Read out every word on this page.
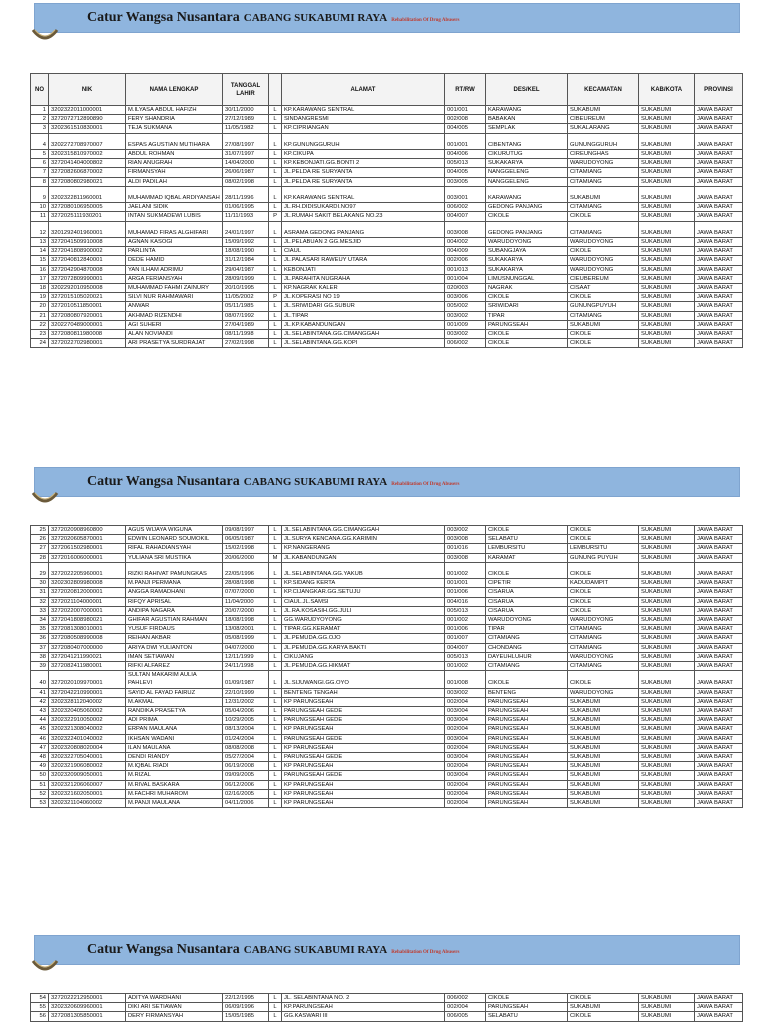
Catur Wangsa Nusantara CABANG SUKABUMI RAYA Rehabilitation Of Drug Abusers
NO	NIK	NAMA LENGKAP	TANGGAL LAHIR		ALAMAT	RT/RW	DES/KEL	KECAMATAN	KAB/KOTA	PROVINSI
1	3202322011000001	M.ILYASA ABDUL HAFIZH	30/11/2000	L	KP.KARAWANG SENTRAL	001/001	KARAWANG	SUKABUMI	SUKABUMI	JAWA BARAT
2	3272072712890890	FERY SHANDRIA	27/12/1989	L	SINDANGRESMI	002/008	BABAKAN	CIBEUREUM	SUKABUMI	JAWA BARAT
3	3202361510830001	TEJA SUKMANA	11/05/1982	L	KP.CIPRIANGAN	004/005	SEMPLAK	SUKALARANG	SUKABUMI	JAWA BARAT
4	3202272708970007	ESPAS AGUSTIAN MUTIHARA	27/08/1997	L	KP.GUNUNGGURUH	001/001	CIBENTANG	GUNUNGGURUH	SUKABUMI	JAWA BARAT
5	3202315810970002	ABDUL ROHMAN	31/07/1997	L	KP.CIKUPA	004/006	CIKURUTUG	CIREUNGHAS	SUKABUMI	JAWA BARAT
6	3272041404000802	RIAN ANUGRAH	14/04/2000	L	KP.KEBONJATI.GG.BONTI 2	005/013	SUKAKARYA	WARUDOYONG	SUKABUMI	JAWA BARAT
7	3272082606870002	FIRMANSYAH	26/06/1987	L	JL.PELDA RE SURYANTA	004/005	NANGGELENG	CITAMIANG	SUKABUMI	JAWA BARAT
8	3272080802980021	ALDI PADILAH	08/02/1998	L	JL.PELDA RE SURYANTA	003/005	NANGGELENG	CITAMIANG	SUKABUMI	JAWA BARAT
9	3202322811960001	MUHAMMAD IQBAL ARDIYANSAH	28/11/1996	L	KP.KARAWANG SENTRAL	003/001	KARAWANG	SUKABUMI	SUKABUMI	JAWA BARAT
10	3272080106950005	JAELANI SIDIK	01/06/1995	L	JL.RH.DIDISUKARDI.NO97	006/002	GEDONG PANJANG	CITAMIANG	SUKABUMI	JAWA BARAT
11	3272025111930201	INTAN SUKMADEWI LUBIS	11/11/1993	P	JL.RUMAH SAKIT BELAKANG NO.23	004/007	CIKOLE	CIKOLE	SUKABUMI	JAWA BARAT
12	3201292401960001	MUHAMAD FIRAS ALGHIFARI	24/01/1997	L	ASRAMA GEDONG PANJANG	003/008	GEDONG PANJANG	CITAMIANG	SUKABUMI	JAWA BARAT
13	3272041509910008	AGNAN KASOGI	15/09/1992	L	JL.PELABUAN 2 GG.MESJID	004/002	WARUDOYONG	WARUDOYONG	SUKABUMI	JAWA BARAT
14	3272041808900002	PARLINTA	18/08/1990	L	CIAUL	004/009	SUBANGJAYA	CIKOLE	SUKABUMI	JAWA BARAT
15	3272040812840001	DEDE HAMID	31/12/1984	L	JL.PALASARI RAWEUY UTARA	002/006	SUKAKARYA	WARUDOYONG	SUKABUMI	JAWA BARAT
16	3272042904870008	YAN ILHAM ADRIMU	29/04/1987	L	KEBONJATI	001/013	SUKAKARYA	WARUDOYONG	SUKABUMI	JAWA BARAT
17	3272072809990001	ARGA FERIANSYAH	28/09/1999	L	JL.PARAHITA NUGRAHA	001/004	LIMUSNUNGGAL	CIEUBEREUM	SUKABUMI	JAWA BARAT
18	3202292010950008	MUHAMMAD FAHMI ZAINURY	20/10/1995	L	KP.NAGRAK KALER	020/003	NAGRAK	CISAAT	SUKABUMI	JAWA BARAT
19	3272015105020021	SILVI NUR RAHMAWARI	11/05/2002	P	JL.KOPERASI NO 19	003/006	CIKOLE	CIKOLE	SUKABUMI	JAWA BARAT
20	3272010511850001	ANWAR	05/11/1985	L	JL.SRIWIDARI GG.SUBUR	005/002	SRIWIDARI	GUNUNGPUYUH	SUKABUMI	JAWA BARAT
21	3272080807920001	AKHMAD RIZENDHI	08/07/1992	L	JL.TIPAR	003/002	TIPAR	CITAMIANG	SUKABUMI	JAWA BARAT
22	3202270489000001	AGI SUHERI	27/04/1989	L	JL.KP.KABANDUNGAN	001/009	PARUNGSEAH	SUKABUMI	SUKABUMI	JAWA BARAT
23	3272080811980008	ALAN NOVIANDI	08/11/1998	L	JL.SELABINTANA.GG.CIMANGGAH	003/002	CIKOLE	CIKOLE	SUKABUMI	JAWA BARAT
24	3272022702980001	ARI PRASETYA SURDRAJAT	27/02/1998	L	JL.SELABINTANA.GG.KOPI	006/002	CIKOLE	CIKOLE	SUKABUMI	JAWA BARAT
Catur Wangsa Nusantara CABANG SUKABUMI RAYA Rehabilitation Of Drug Abusers
25	3272020908960800	AGUS WIJAYA WIGUNA	09/08/1997	L	JL.SELABINTANA.GG.CIMANGGAH	003/002	CIKOLE	CIKOLE	SUKABUMI	JAWA BARAT
26	3272020605870001	EDWIN LEONARD SOUMOKIL	06/05/1987	L	JL.SURYA KENCANA.GG.KARIMIN	003/008	SELABATU	CIKOLE	SUKABUMI	JAWA BARAT
27	3272061502980001	RIFAL RAHADIANSYAH	15/02/1998	L	KP.NANGERANG	001/016	LEMBURSITU	LEMBURSITU	SUKABUMI	JAWA BARAT
28	3272016006000001	YULIANA SRI MUSTIKA	20/06/2000	M	JL.KABANDUNGAN	003/008	KARAMAT	GUNUNG PUYUH	SUKABUMI	JAWA BARAT
29	3272022205960001	RIZKI RAHIVAT PAMUNGKAS	22/05/1996	L	JL.SELABINTANA.GG.YAKUB	001/002	CIKOLE	CIKOLE	SUKABUMI	JAWA BARAT
30	3202302809980008	M.PANJI PERMANA	28/08/1998	L	KP.SIDANG KERTA	001/001	CIPETIR	KADUDAMPIT	SUKABUMI	JAWA BARAT
31	3272020812000001	ANGGA RAMADHANI	07/07/2000	L	KP.CIJANGKAR.GG.SETUJU	001/006	CISARUA	CIKOLE	SUKABUMI	JAWA BARAT
32	3272021104000001	RIFQY APRISAL	11/04/2000	L	CIAUL.JL.SAMSI	004/016	CISARUA	CIKOLE	SUKABUMI	JAWA BARAT
33	3272022007000001	ANDIPA NAGARA	20/07/2000	L	JL.RA.KOSASIH.GG.JULI	005/013	CISARUA	CIKOLE	SUKABUMI	JAWA BARAT
34	3272041808980021	GHIFAR AGUSTIAN RAHMAN	18/08/1998	L	GG.WARUDYOYONG	001/002	WARUDOYONG	WARUDOYONG	SUKABUMI	JAWA BARAT
35	3272081308010001	YUSUF FIRDAUS	13/08/2001	L	TIPAR.GG.KERAMAT	001/006	TIPAR	CITAMIANG	SUKABUMI	JAWA BARAT
36	3272080508990008	REIHAN AKBAR	05/08/1999	L	JL.PEMUDA.GG.OJO	001/007	CITAMIANG	CITAMIANG	SUKABUMI	JAWA BARAT
37	3272080407000000	ARIYA DWI YULIANTON	04/07/2000	L	JL.PEMUDA.GG.KARYA BAKTI	004/007	CHONDANG	CITAMIANG	SUKABUMI	JAWA BARAT
38	3272041211990021	IMAN SETIAWAN	12/11/1999	L	CIKUJANG	005/013	DAYEUHLUHUR	WARUDOYONG	SUKABUMI	JAWA BARAT
39	3272082411980001	RIFKI ALFAREZ	24/11/1998	L	JL.PEMUDA.GG.HIKMAT	001/002	CITAMIANG	CITAMIANG	SUKABUMI	JAWA BARAT
40	3272020109970001	SULTAN MAKARIM AULIA PAHLEVI	01/09/1987	L	JL.SIJUWANGI.GG.OYO	001/008	CIKOLE	CIKOLE	SUKABUMI	JAWA BARAT
41	3272042210990001	SAYID AL FAYAD FAIRUZ	22/10/1999	L	BENTENG TENGAH	003/002	BENTENG	WARUDOYONG	SUKABUMI	JAWA BARAT
42	3202328112040002	M.AKMAL	12/31/2002	L	KP PARUNGSEAH	002/004	PARUNGSEAH	SUKABUMI	SUKABUMI	JAWA BARAT
43	3202320405060002	RANDIKA PRASETYA	05/04/2006	L	PARUNGSEAH GEDE	003/004	PARUNGSEAH	SUKABUMI	SUKABUMI	JAWA BARAT
44	3202322910050002	ADI PRIMA	10/29/2005	L	PARUNGSEAH GEDE	003/004	PARUNGSEAH	SUKABUMI	SUKABUMI	JAWA BARAT
45	3202321308040002	ERPAN MAULANA	08/13/2004	L	KP PARUNGSEAH	002/004	PARUNGSEAH	SUKABUMI	SUKABUMI	JAWA BARAT
46	3202322401040002	IKHSAN WADANI	01/24/2004	L	PARUNGSEAH GEDE	003/004	PARUNGSEAH	SUKABUMI	SUKABUMI	JAWA BARAT
47	3202320808020004	ILAN MAULANA	08/08/2008	L	KP PARUNGSEAH	002/004	PARUNGSEAH	SUKABUMI	SUKABUMI	JAWA BARAT
48	3202322705040001	DENDI RIANDY	05/27/2004	L	PARUNGSEAH GEDE	003/004	PARUNGSEAH	SUKABUMI	SUKABUMI	JAWA BARAT
49	3202321906080002	M.IQBAL RIADI	06/19/2008	L	KP PARUNGSEAH	002/004	PARUNGSEAH	SUKABUMI	SUKABUMI	JAWA BARAT
50	3202320909050001	M.RIZAL	09/09/2005	L	PARUNGSEAH GEDE	003/004	PARUNGSEAH	SUKABUMI	SUKABUMI	JAWA BARAT
51	3202321206060007	M.RIVAL BASKARA	06/12/2006	L	KP PARUNGSEAH	002/004	PARUNGSEAH	SUKABUMI	SUKABUMI	JAWA BARAT
52	3202321602050001	M.FACHRI MUHAROM	02/16/2005	L	KP PARUNGSEAH	002/004	PARUNGSEAH	SUKABUMI	SUKABUMI	JAWA BARAT
53	3202321104060002	M.PANJI MAULANA	04/11/2006	L	KP PARUNGSEAH	002/004	PARUNGSEAH	SUKABUMI	SUKABUMI	JAWA BARAT
Catur Wangsa Nusantara CABANG SUKABUMI RAYA Rehabilitation Of Drug Abusers
54	3272022212950001	ADITYA WARDHANI	22/12/1995	L	JL. SELABINTANA NO. 2	006/002	CIKOLE	CIKOLE	SUKABUMI	JAWA BARAT
55	3202320609960001	DIKI ARI SETIAWAN	06/09/1996	L	KP.PARUNGSEAH	002/004	PARUNGSEAH	SUKABUMI	SUKABUMI	JAWA BARAT
56	3272081305850001	DERY FIRMANSYAH	15/05/1985	L	GG.KASWARI III	006/005	SELABATU	CIKOLE	SUKABUMI	JAWA BARAT
